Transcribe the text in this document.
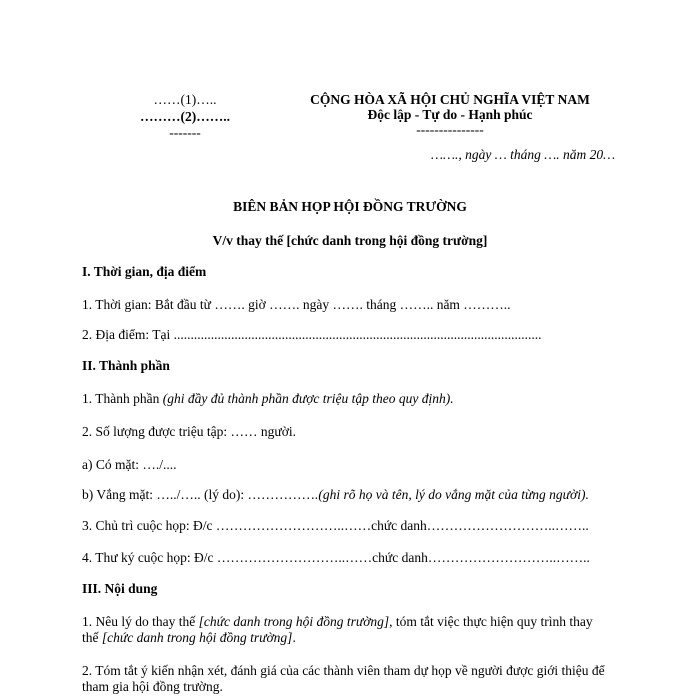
……(1)…..
………(2)……..
-------
CỘNG HÒA XÃ HỘI CHỦ NGHĨA VIỆT NAM
Độc lập - Tự do - Hạnh phúc
---------------
……., ngày … tháng …. năm 20…
BIÊN BẢN HỌP HỘI ĐỒNG TRƯỜNG
V/v thay thế [chức danh trong hội đồng trường]
I. Thời gian, địa điểm
1. Thời gian: Bắt đầu từ ……. giờ ……. ngày ……. tháng …….. năm ………..
2. Địa điểm: Tại .............................................................................................................
II. Thành phần
1. Thành phần (ghi đầy đủ thành phần được triệu tập theo quy định).
2. Số lượng được triệu tập: …… người.
a) Có mặt: …./....
b) Vắng mặt: …../….. (lý do): …………….(ghi rõ họ và tên, lý do vắng mặt của từng người).
3. Chủ trì cuộc họp: Đ/c ………………………..……chức danh………………………..……..
4. Thư ký cuộc họp: Đ/c ………………………..……chức danh………………………..……..
III. Nội dung
1. Nêu lý do thay thế [chức danh trong hội đồng trường], tóm tắt việc thực hiện quy trình thay
thế [chức danh trong hội đồng trường].
2. Tóm tắt ý kiến nhận xét, đánh giá của các thành viên tham dự họp về người được giới thiệu để
tham gia hội đồng trường.
